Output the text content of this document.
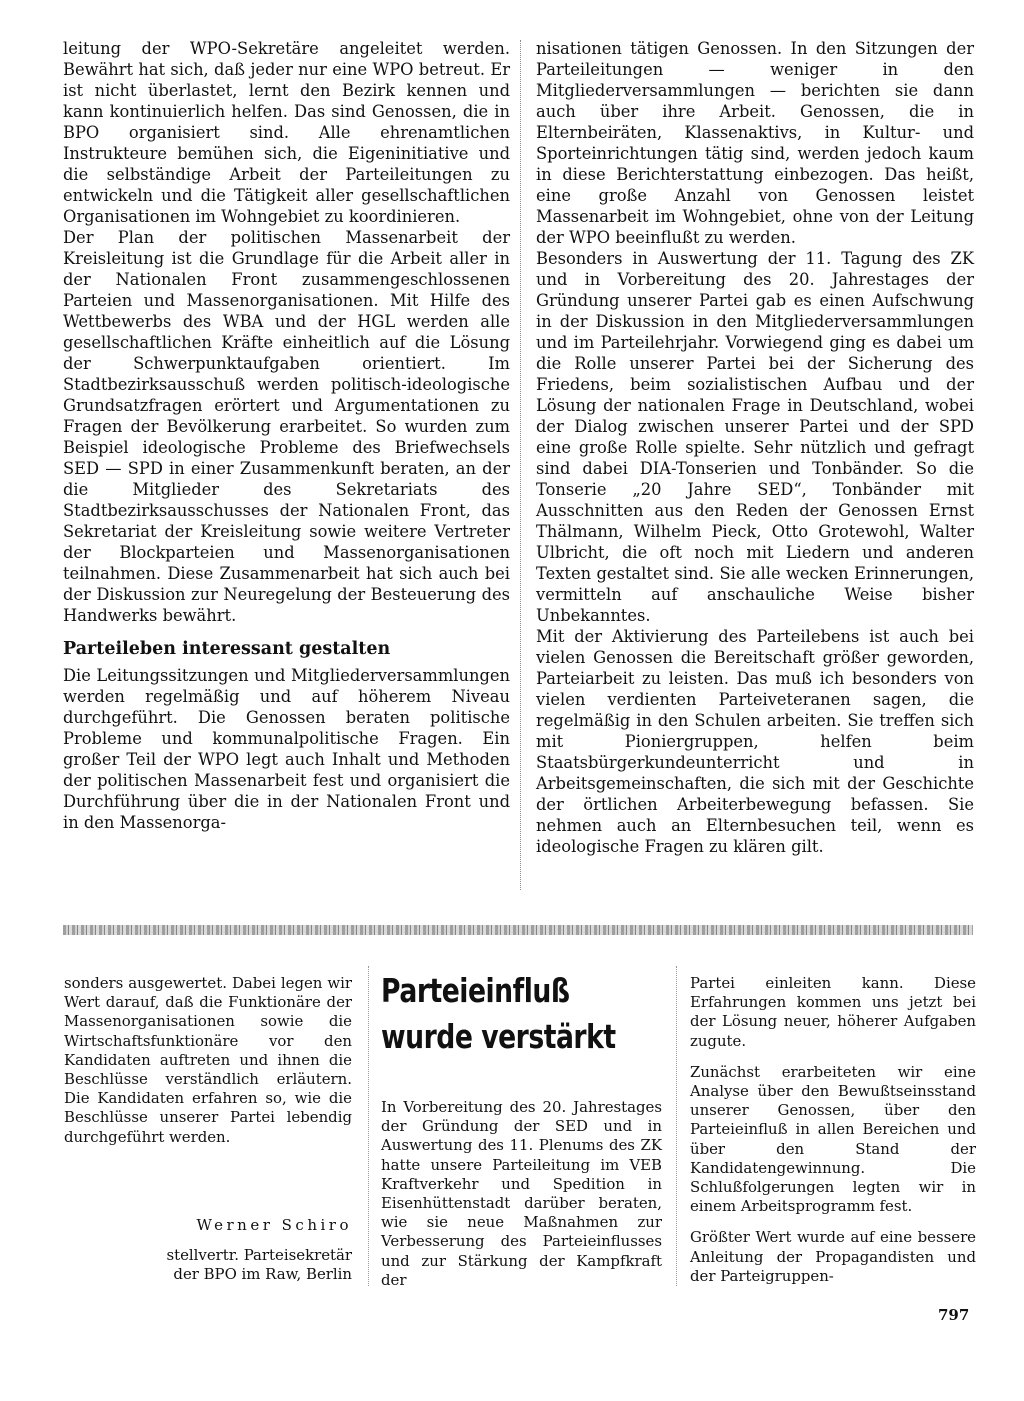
leitung der WPO-Sekretäre angeleitet werden. Bewährt hat sich, daß jeder nur eine WPO betreut. Er ist nicht überlastet, lernt den Bezirk kennen und kann kontinuierlich helfen. Das sind Genossen, die in BPO organisiert sind. Alle ehrenamtlichen Instrukteure bemühen sich, die Eigeninitiative und die selbständige Arbeit der Parteileitungen zu entwickeln und die Tätigkeit aller gesellschaftlichen Organisationen im Wohngebiet zu koordinieren.

Der Plan der politischen Massenarbeit der Kreisleitung ist die Grundlage für die Arbeit aller in der Nationalen Front zusammengeschlossenen Parteien und Massenorganisationen. Mit Hilfe des Wettbewerbs des WBA und der HGL werden alle gesellschaftlichen Kräfte einheitlich auf die Lösung der Schwerpunktaufgaben orientiert. Im Stadtbezirksausschuß werden politisch-ideologische Grundsatzfragen erörtert und Argumentationen zu Fragen der Bevölkerung erarbeitet. So wurden zum Beispiel ideologische Probleme des Briefwechsels SED — SPD in einer Zusammenkunft beraten, an der die Mitglieder des Sekretariats des Stadtbezirksausschusses der Nationalen Front, das Sekretariat der Kreisleitung sowie weitere Vertreter der Blockparteien und Massenorganisationen teilnahmen. Diese Zusammenarbeit hat sich auch bei der Diskussion zur Neuregelung der Besteuerung des Handwerks bewährt.

Parteileben interessant gestalten

Die Leitungssitzungen und Mitgliederversammlungen werden regelmäßig und auf höherem Niveau durchgeführt. Die Genossen beraten politische Probleme und kommunalpolitische Fragen. Ein großer Teil der WPO legt auch Inhalt und Methoden der politischen Massenarbeit fest und organisiert die Durchführung über die in der Nationalen Front und in den Massenorga-

nisationen tätigen Genossen. In den Sitzungen der Parteileitungen — weniger in den Mitgliederversammlungen — berichten sie dann auch über ihre Arbeit. Genossen, die in Elternbeiräten, Klassenaktivs, in Kultur- und Sporteinrichtungen tätig sind, werden jedoch kaum in diese Berichterstattung einbezogen. Das heißt, eine große Anzahl von Genossen leistet Massenarbeit im Wohngebiet, ohne von der Leitung der WPO beeinflußt zu werden.

Besonders in Auswertung der 11. Tagung des ZK und in Vorbereitung des 20. Jahrestages der Gründung unserer Partei gab es einen Aufschwung in der Diskussion in den Mitgliederversammlungen und im Parteilehrjahr. Vorwiegend ging es dabei um die Rolle unserer Partei bei der Sicherung des Friedens, beim sozialistischen Aufbau und der Lösung der nationalen Frage in Deutschland, wobei der Dialog zwischen unserer Partei und der SPD eine große Rolle spielte. Sehr nützlich und gefragt sind dabei DIA-Tonserien und Tonbänder. So die Tonserie „20 Jahre SED“, Tonbänder mit Ausschnitten aus den Reden der Genossen Ernst Thälmann, Wilhelm Pieck, Otto Grotewohl, Walter Ulbricht, die oft noch mit Liedern und anderen Texten gestaltet sind. Sie alle wecken Erinnerungen, vermitteln auf anschauliche Weise bisher Unbekanntes.

Mit der Aktivierung des Parteilebens ist auch bei vielen Genossen die Bereitschaft größer geworden, Parteiarbeit zu leisten. Das muß ich besonders von vielen verdienten Parteiveteranen sagen, die regelmäßig in den Schulen arbeiten. Sie treffen sich mit Pioniergruppen, helfen beim Staatsbürgerkundeunterricht und in Arbeitsgemeinschaften, die sich mit der Geschichte der örtlichen Arbeiterbewegung befassen. Sie nehmen auch an Elternbesuchen teil, wenn es ideologische Fragen zu klären gilt.

sonders ausgewertet. Dabei legen wir Wert darauf, daß die Funktionäre der Massenorganisationen sowie die Wirtschaftsfunktionäre vor den Kandidaten auftreten und ihnen die Beschlüsse verständlich erläutern. Die Kandidaten erfahren so, wie die Beschlüsse unserer Partei lebendig durchgeführt werden.

Werner Schiro
stellvertr. Parteisekretär
der BPO im Raw, Berlin
Parteieinfluß
wurde verstärkt

In Vorbereitung des 20. Jahrestages der Gründung der SED und in Auswertung des 11. Plenums des ZK hatte unsere Parteileitung im VEB Kraftverkehr und Spedition in Eisenhüttenstadt darüber beraten, wie sie neue Maßnahmen zur Verbesserung des Parteieinflusses und zur Stärkung der Kampfkraft der

Partei einleiten kann. Diese Erfahrungen kommen uns jetzt bei der Lösung neuer, höherer Aufgaben zugute.

Zunächst erarbeiteten wir eine Analyse über den Bewußtseinsstand unserer Genossen, über den Parteieinfluß in allen Bereichen und über den Stand der Kandidatengewinnung. Die Schlußfolgerungen legten wir in einem Arbeitsprogramm fest.

Größter Wert wurde auf eine bessere Anleitung der Propagandisten und der Parteigruppen-

797
